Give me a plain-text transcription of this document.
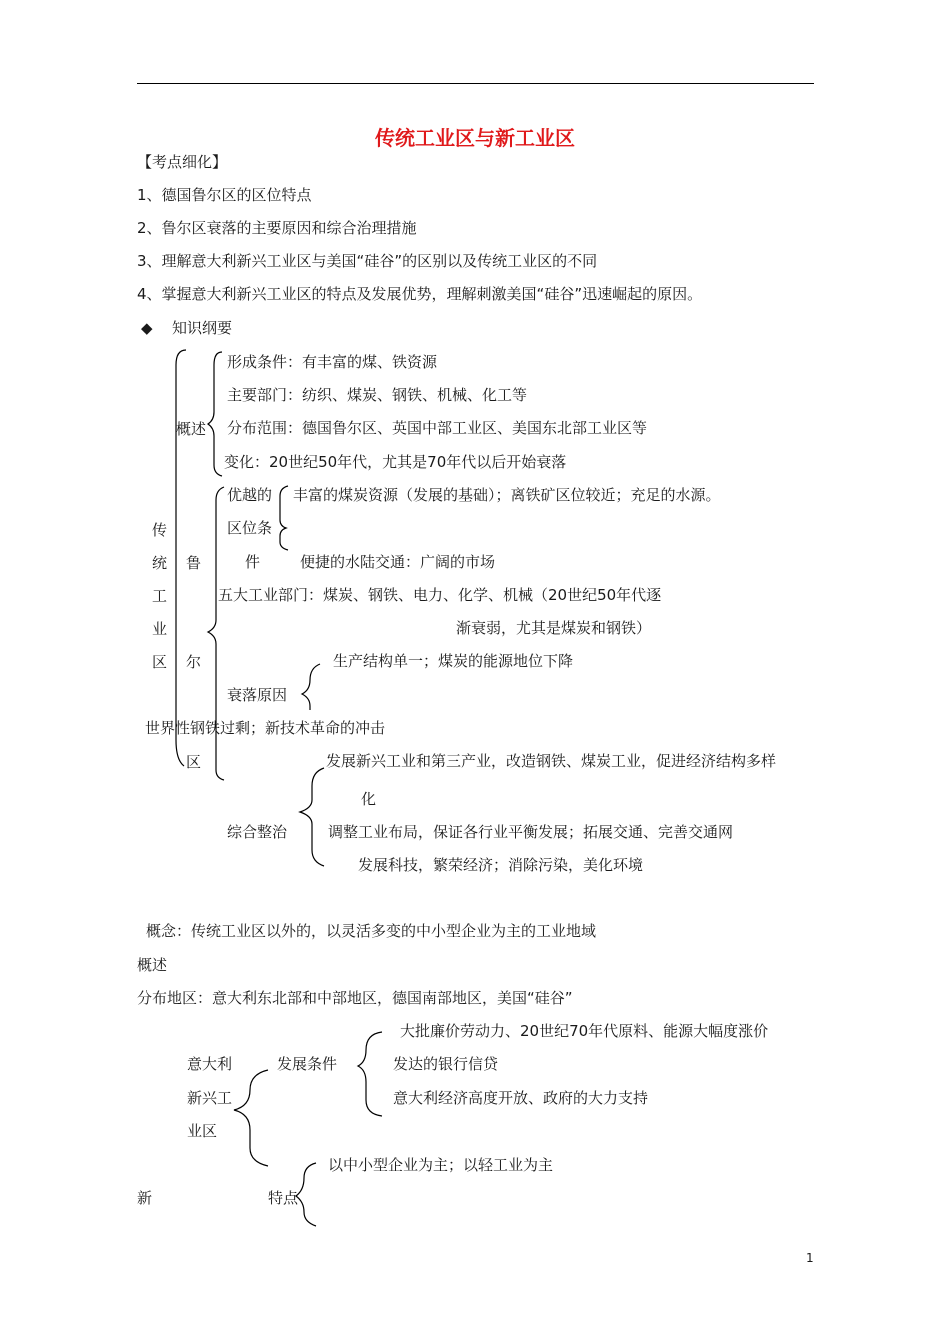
传统工业区与新工业区
【考点细化】
1、德国鲁尔区的区位特点
2、鲁尔区衰落的主要原因和综合治理措施
3、理解意大利新兴工业区与美国“硅谷”的区别以及传统工业区的不同
4、掌握意大利新兴工业区的特点及发展优势，理解刺激美国“硅谷”迅速崛起的原因。
◆ 知识纲要
传
统
工
业
区
概述
形成条件：有丰富的煤、铁资源
主要部门：纺织、煤炭、钢铁、机械、化工等
分布范围：德国鲁尔区、英国中部工业区、美国东北部工业区等
变化：20世纪50年代，尤其是70年代以后开始衰落
鲁
尔
区
优越的
区位条
件
丰富的煤炭资源（发展的基础）；离铁矿区位较近；充足的水源。
便捷的水陆交通：广阔的市场
五大工业部门：煤炭、钢铁、电力、化学、机械（20世纪50年代逐
渐衰弱，尤其是煤炭和钢铁）
生产结构单一；煤炭的能源地位下降
衰落原因
世界性钢铁过剩；新技术革命的冲击
发展新兴工业和第三产业，改造钢铁、煤炭工业，促进经济结构多样
化
综合整治	调整工业布局，保证各行业平衡发展；拓展交通、完善交通网
发展科技，繁荣经济；消除污染，美化环境
概念：传统工业区以外的，以灵活多变的中小型企业为主的工业地域
概述
分布地区：意大利东北部和中部地区，德国南部地区，美国“硅谷”
大批廉价劳动力、20世纪70年代原料、能源大幅度涨价
意大利	发展条件	发达的银行信贷
新兴工	意大利经济高度开放、政府的大力支持
业区
以中小型企业为主；以轻工业为主
新	特点
1
